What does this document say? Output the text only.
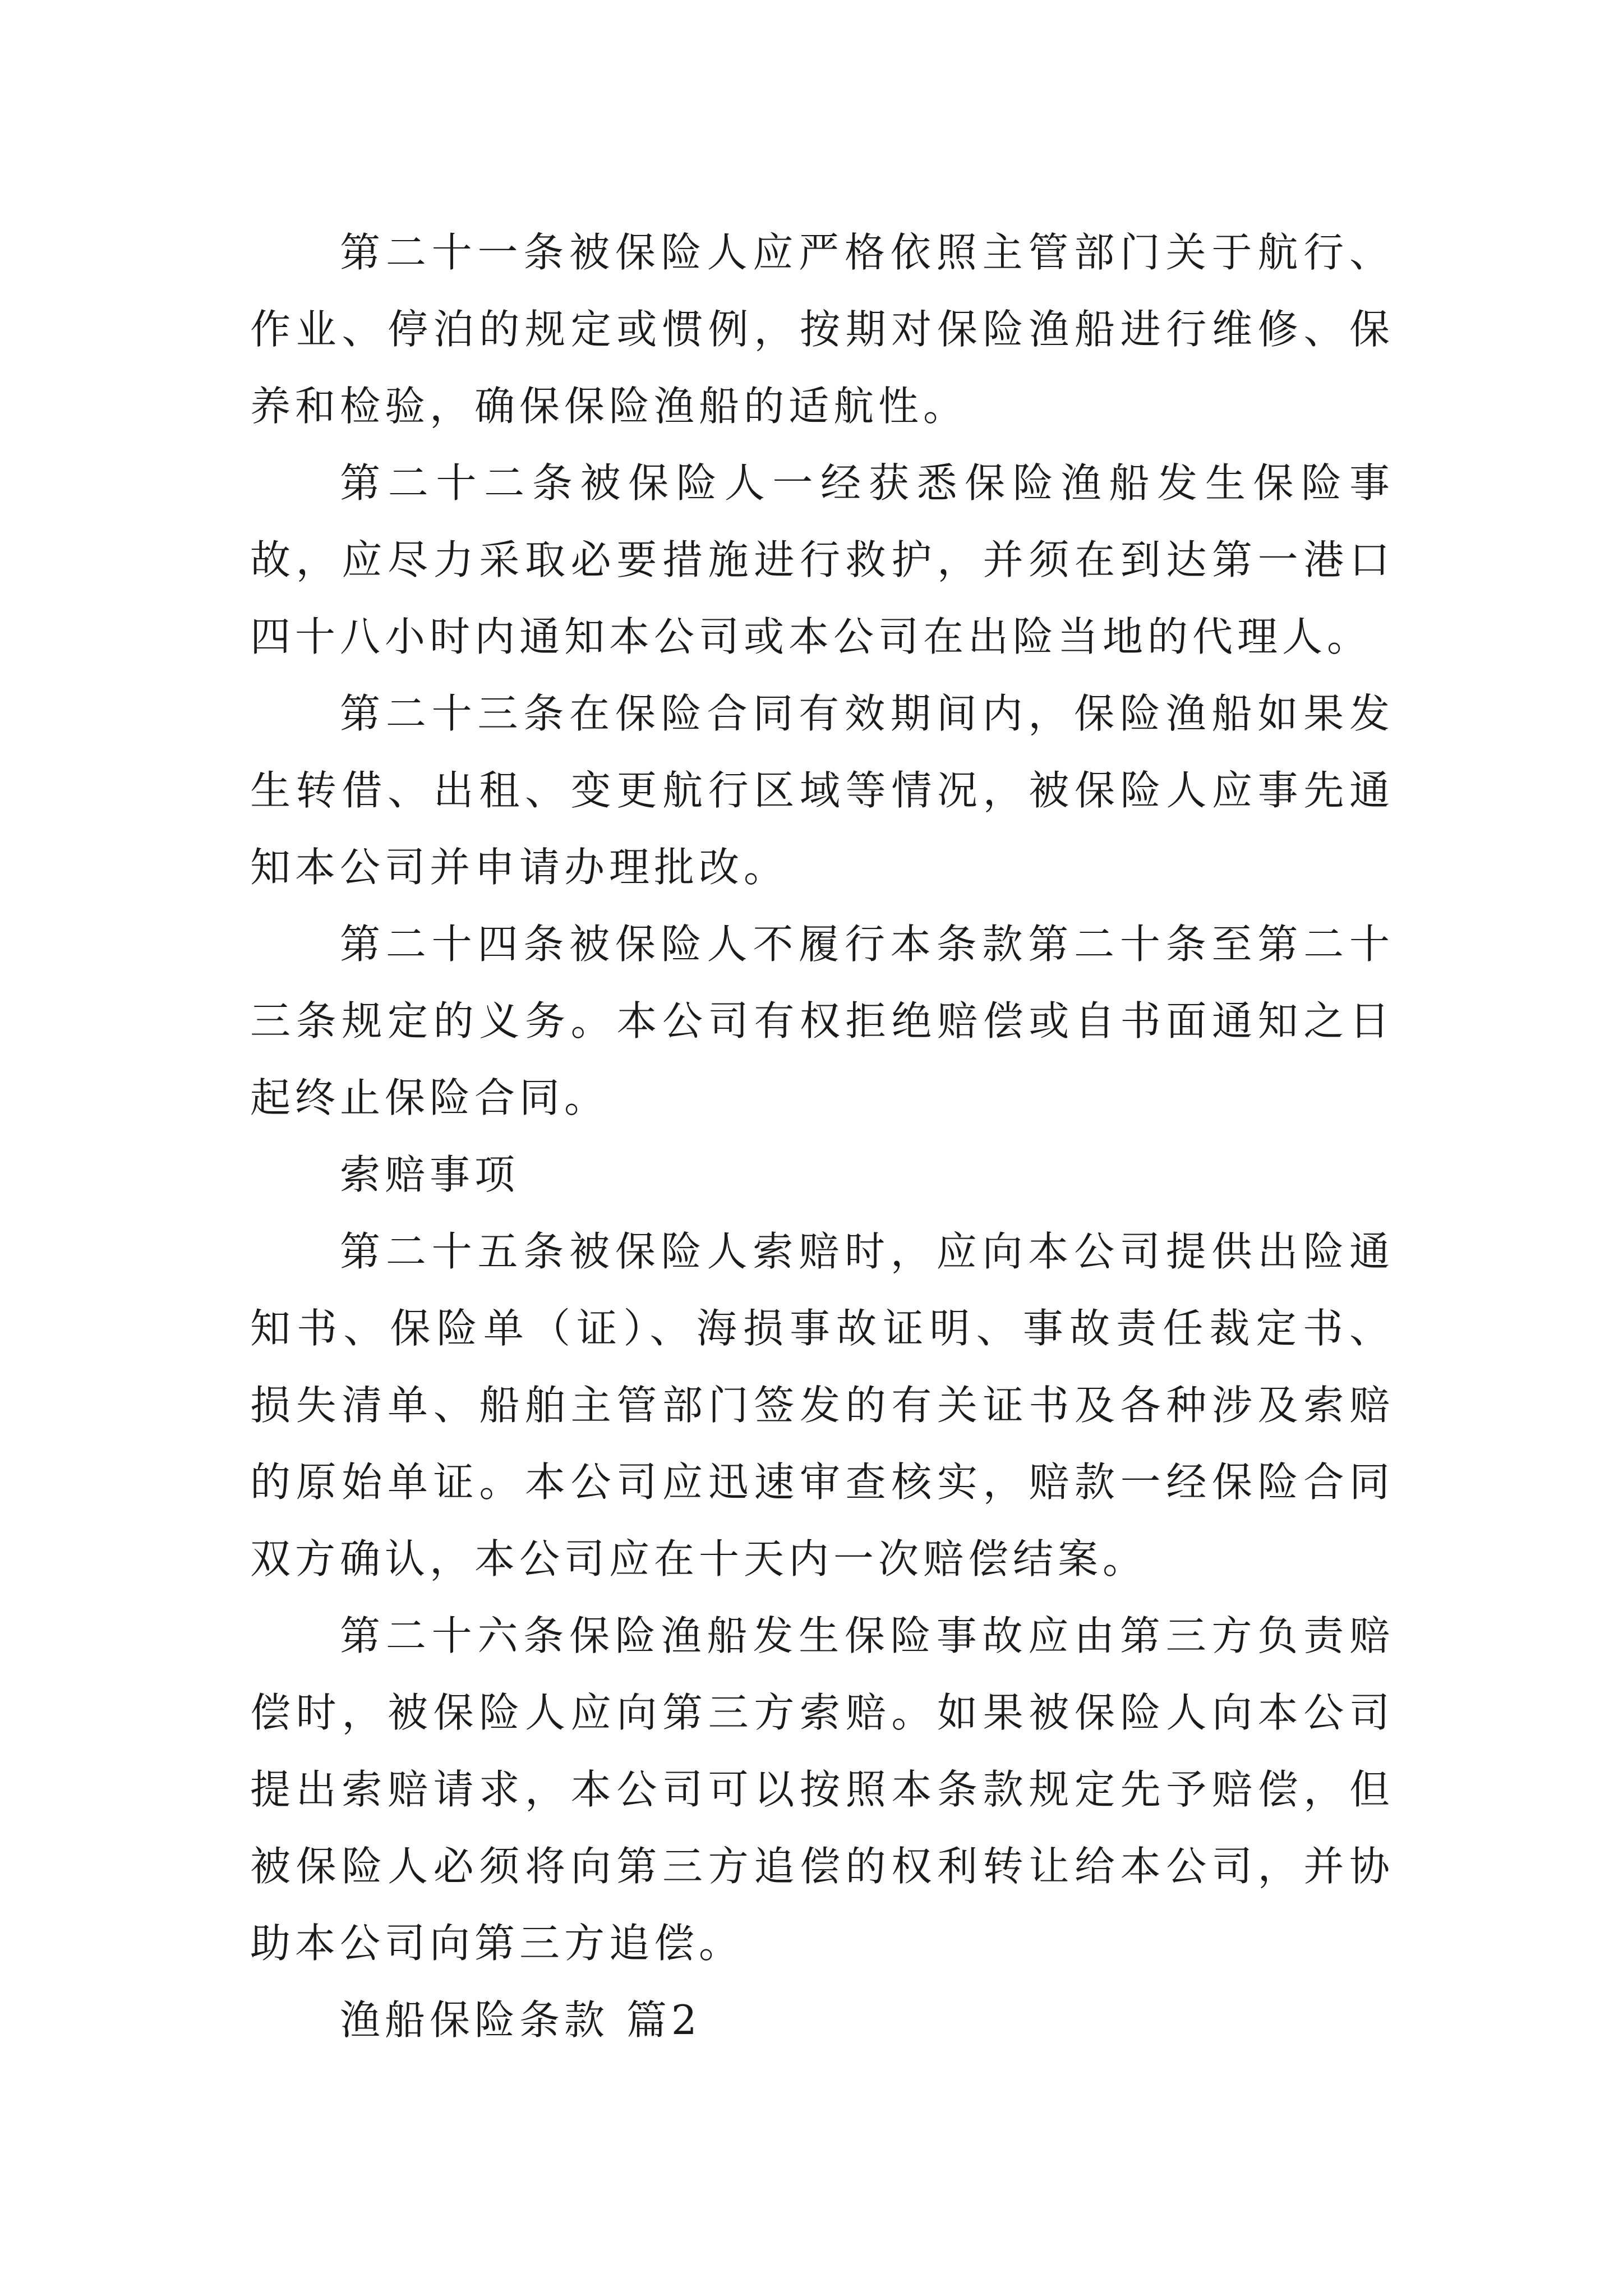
第二十一条被保险人应严格依照主管部门关于航行、作业、停泊的规定或惯例，按期对保险渔船进行维修、保养和检验，确保保险渔船的适航性。

第二十二条被保险人一经获悉保险渔船发生保险事故，应尽力采取必要措施进行救护，并须在到达第一港口四十八小时内通知本公司或本公司在出险当地的代理人。

第二十三条在保险合同有效期间内，保险渔船如果发生转借、出租、变更航行区域等情况，被保险人应事先通知本公司并申请办理批改。

第二十四条被保险人不履行本条款第二十条至第二十三条规定的义务。本公司有权拒绝赔偿或自书面通知之日起终止保险合同。

索赔事项

第二十五条被保险人索赔时，应向本公司提供出险通知书、保险单（证）、海损事故证明、事故责任裁定书、损失清单、船舶主管部门签发的有关证书及各种涉及索赔的原始单证。本公司应迅速审查核实，赔款一经保险合同双方确认，本公司应在十天内一次赔偿结案。

第二十六条保险渔船发生保险事故应由第三方负责赔偿时，被保险人应向第三方索赔。如果被保险人向本公司提出索赔请求，本公司可以按照本条款规定先予赔偿，但被保险人必须将向第三方追偿的权利转让给本公司，并协助本公司向第三方追偿。

渔船保险条款 篇2
